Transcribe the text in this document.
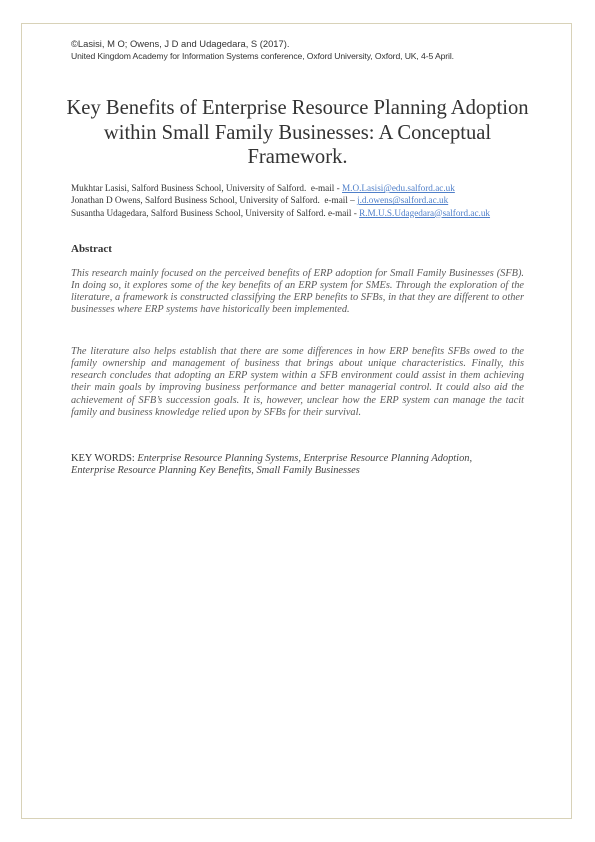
©Lasisi, M O; Owens, J D and Udagedara, S (2017).
United Kingdom Academy for Information Systems conference, Oxford University, Oxford, UK, 4-5 April.
Key Benefits of Enterprise Resource Planning Adoption within Small Family Businesses: A Conceptual Framework.
Mukhtar Lasisi, Salford Business School, University of Salford.  e-mail - M.O.Lasisi@edu.salford.ac.uk
Jonathan D Owens, Salford Business School, University of Salford.  e-mail – j.d.owens@salford.ac.uk
Susantha Udagedara, Salford Business School, University of Salford. e-mail - R.M.U.S.Udagedara@salford.ac.uk
Abstract
This research mainly focused on the perceived benefits of ERP adoption for Small Family Businesses (SFB). In doing so, it explores some of the key benefits of an ERP system for SMEs. Through the exploration of the literature, a framework is constructed classifying the ERP benefits to SFBs, in that they are different to other businesses where ERP systems have historically been implemented.
The literature also helps establish that there are some differences in how ERP benefits SFBs owed to the family ownership and management of business that brings about unique characteristics. Finally, this research concludes that adopting an ERP system within a SFB environment could assist in them achieving their main goals by improving business performance and better managerial control. It could also aid the achievement of SFB’s succession goals. It is, however, unclear how the ERP system can manage the tacit family and business knowledge relied upon by SFBs for their survival.
KEY WORDS: Enterprise Resource Planning Systems, Enterprise Resource Planning Adoption, Enterprise Resource Planning Key Benefits, Small Family Businesses
